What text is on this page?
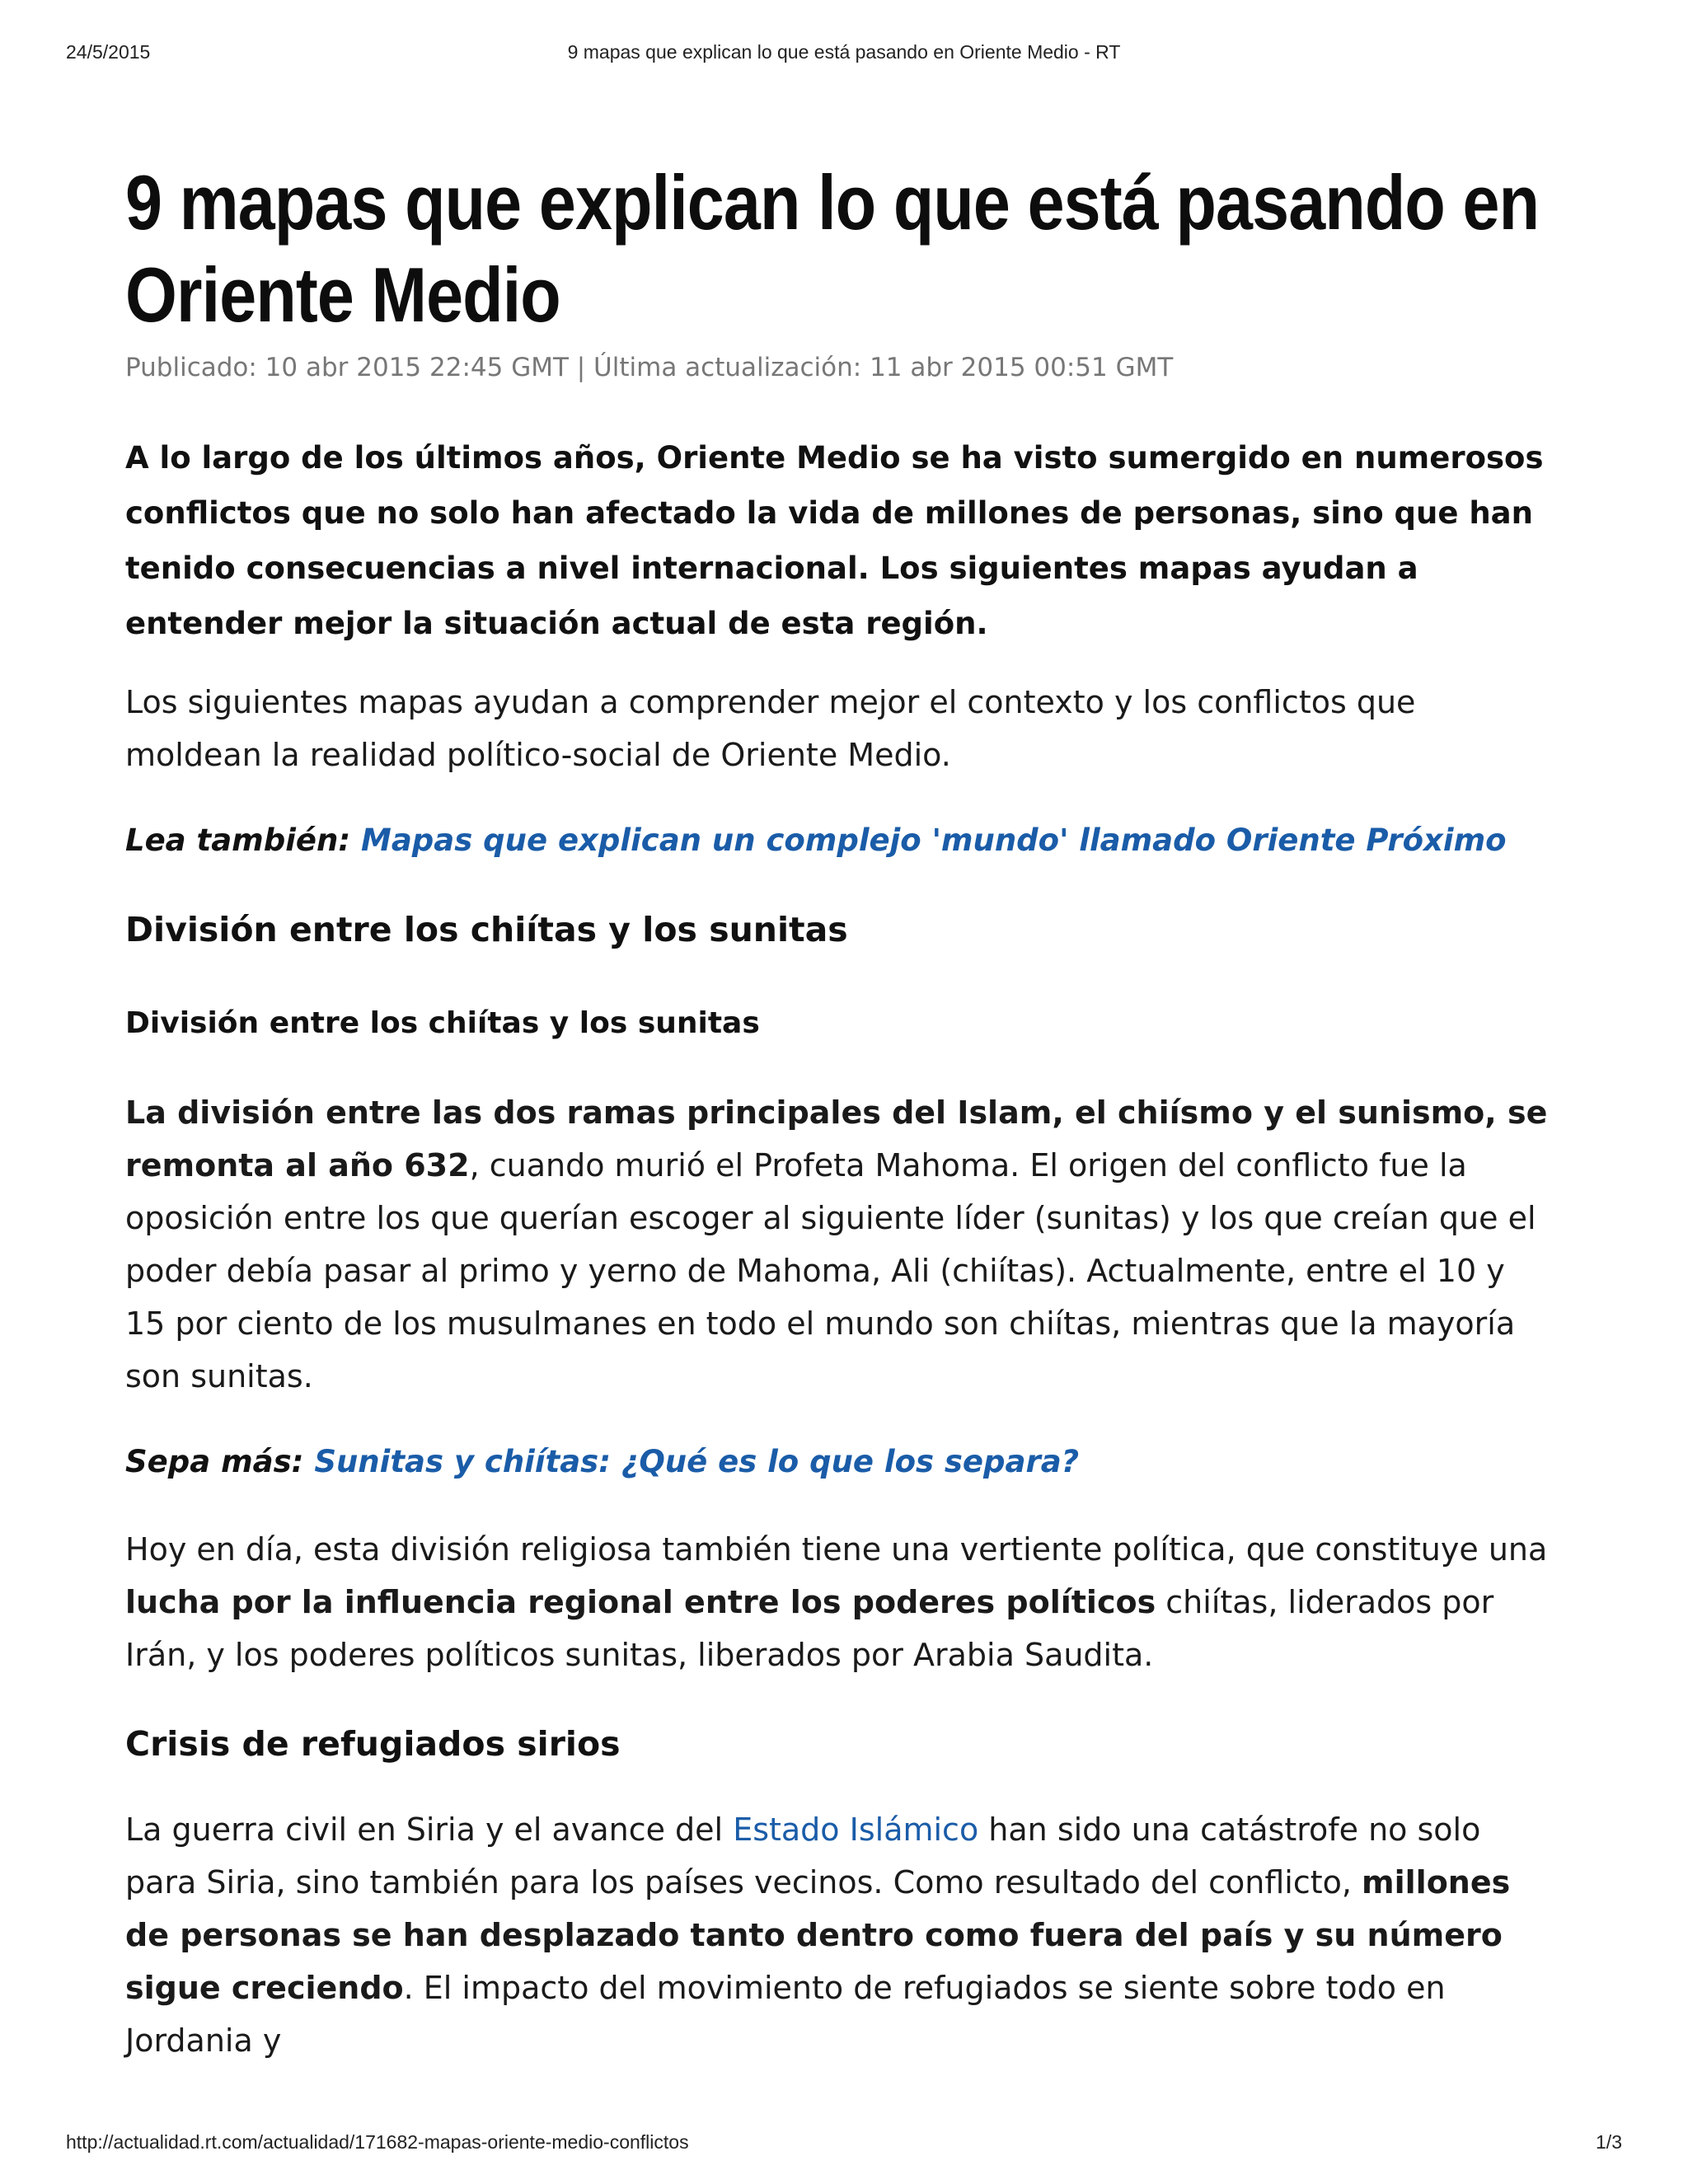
24/5/2015	9 mapas que explican lo que está pasando en Oriente Medio - RT
9 mapas que explican lo que está pasando en Oriente Medio
Publicado: 10 abr 2015 22:45 GMT | Última actualización: 11 abr 2015 00:51 GMT
A lo largo de los últimos años, Oriente Medio se ha visto sumergido en numerosos conflictos que no solo han afectado la vida de millones de personas, sino que han tenido consecuencias a nivel internacional. Los siguientes mapas ayudan a entender mejor la situación actual de esta región.
Los siguientes mapas ayudan a comprender mejor el contexto y los conflictos que moldean la realidad político-social de Oriente Medio.
Lea también: Mapas que explican un complejo 'mundo' llamado Oriente Próximo
División entre los chiítas y los sunitas
División entre los chiítas y los sunitas
La división entre las dos ramas principales del Islam, el chiísmo y el sunismo, se remonta al año 632, cuando murió el Profeta Mahoma. El origen del conflicto fue la oposición entre los que querían escoger al siguiente líder (sunitas) y los que creían que el poder debía pasar al primo y yerno de Mahoma, Ali (chiítas). Actualmente, entre el 10 y 15 por ciento de los musulmanes en todo el mundo son chiítas, mientras que la mayoría son sunitas.
Sepa más: Sunitas y chiítas: ¿Qué es lo que los separa?
Hoy en día, esta división religiosa también tiene una vertiente política, que constituye una lucha por la influencia regional entre los poderes políticos chiítas, liderados por Irán, y los poderes políticos sunitas, liberados por Arabia Saudita.
Crisis de refugiados sirios
La guerra civil en Siria y el avance del Estado Islámico han sido una catástrofe no solo para Siria, sino también para los países vecinos. Como resultado del conflicto, millones de personas se han desplazado tanto dentro como fuera del país y su número sigue creciendo. El impacto del movimiento de refugiados se siente sobre todo en Jordania y
http://actualidad.rt.com/actualidad/171682-mapas-oriente-medio-conflictos	1/3
